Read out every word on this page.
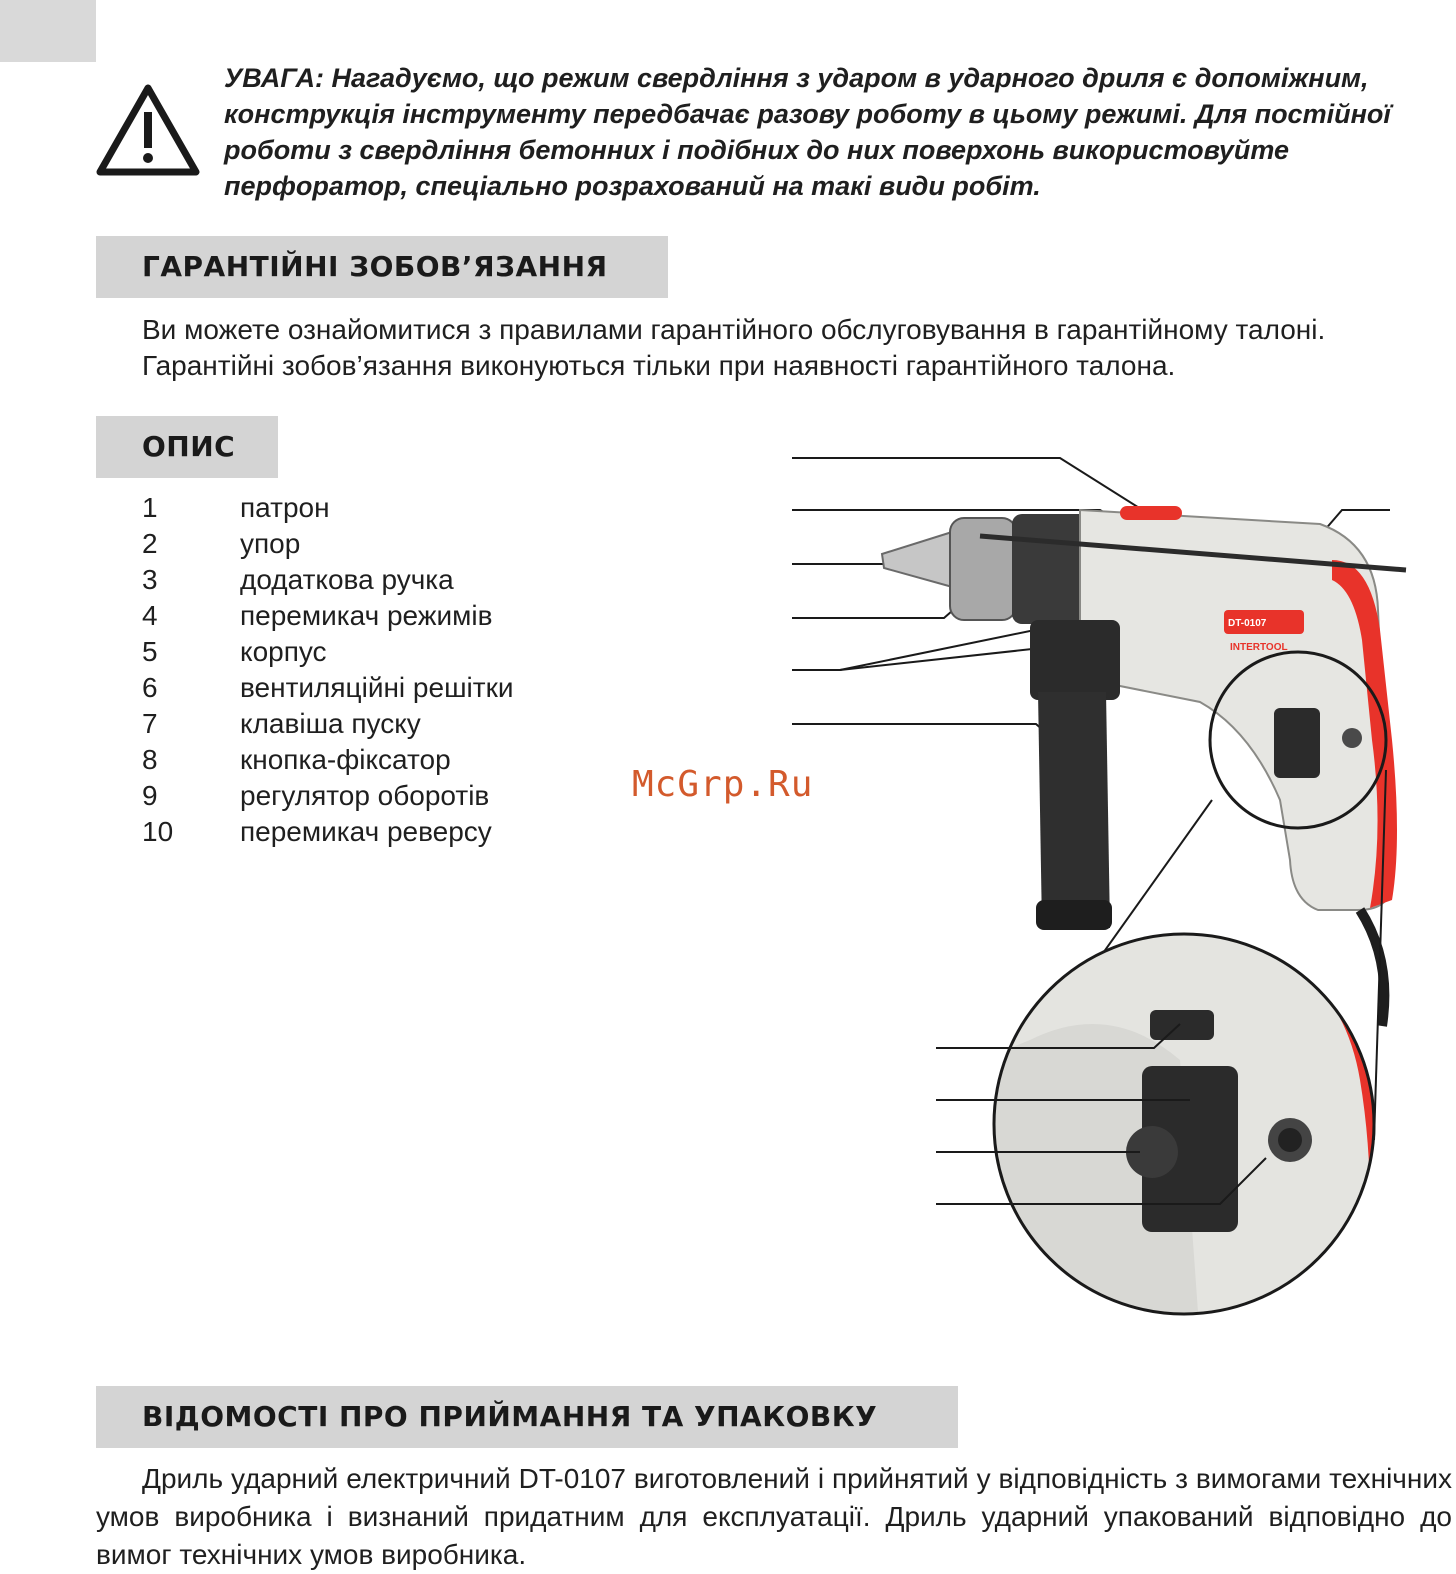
УВАГА: Нагадуємо, що режим свердління з ударом в ударного дриля є допоміжним, конструкція інструменту передбачає разову роботу в цьому режимі. Для постійної роботи з свердління бетонних і подібних до них поверхонь використовуйте перфоратор, спеціально розрахований на такі види робіт.
ГАРАНТІЙНІ ЗОБОВ’ЯЗАННЯ

Ви можете ознайомитися з правилами гарантійного обслуговування в гарантійному талоні.

Гарантійні зобов’язання виконуються тільки при наявності гарантійного талона.

ОПИС
1	патрон
2	упор
3	додаткова ручка
4	перемикач режимів
5	корпус
6	вентиляційні решітки
7	клавіша пуску
8	кнопка-фіксатор
9	регулятор оборотів
10 перемикач реверсу
McGrp.Ru
DT-0107
INTERTOOL
ВІДОМОСТІ ПРО ПРИЙМАННЯ ТА УПАКОВКУ

Дриль ударний електричний DT-0107 виготовлений і прийнятий у відповідність з вимогами технічних умов виробника і визнаний придатним для експлуатації. Дриль ударний упакований відповідно до вимог технічних умов виробника.
